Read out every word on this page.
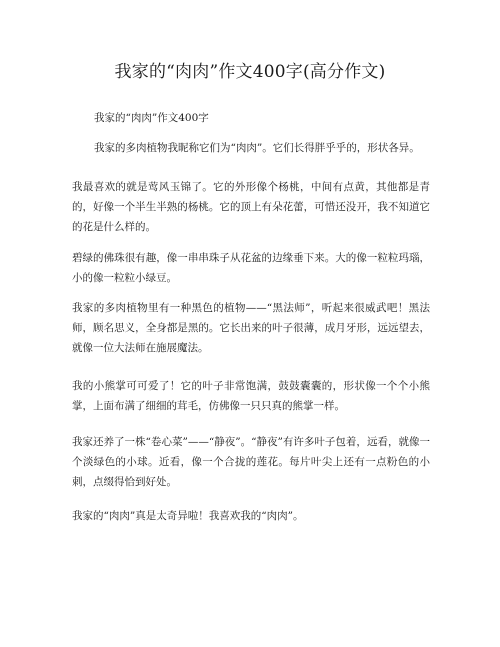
我家的“肉肉”作文400字(高分作文)

我家的“肉肉”作文400字

我家的多肉植物我昵称它们为“肉肉”。它们长得胖乎乎的，形状各异。

我最喜欢的就是莺风玉锦了。它的外形像个杨桃，中间有点黄，其他都是青的，好像一个半生半熟的杨桃。它的顶上有朵花蕾，可惜还没开，我不知道它的花是什么样的。

碧绿的佛珠很有趣，像一串串珠子从花盆的边缘垂下来。大的像一粒粒玛瑙，小的像一粒粒小绿豆。

我家的多肉植物里有一种黑色的植物——“黑法师”，听起来很威武吧！黑法师，顾名思义，全身都是黑的。它长出来的叶子很薄，成月牙形，远远望去，就像一位大法师在施展魔法。

我的小熊掌可可爱了！它的叶子非常饱满，鼓鼓囊囊的，形状像一个个小熊掌，上面布满了细细的茸毛，仿佛像一只只真的熊掌一样。

我家还养了一株“卷心菜”——“静夜”。“静夜”有许多叶子包着，远看，就像一个淡绿色的小球。近看，像一个合拢的莲花。每片叶尖上还有一点粉色的小刺，点缀得恰到好处。

我家的“肉肉”真是太奇异啦！我喜欢我的“肉肉”。
